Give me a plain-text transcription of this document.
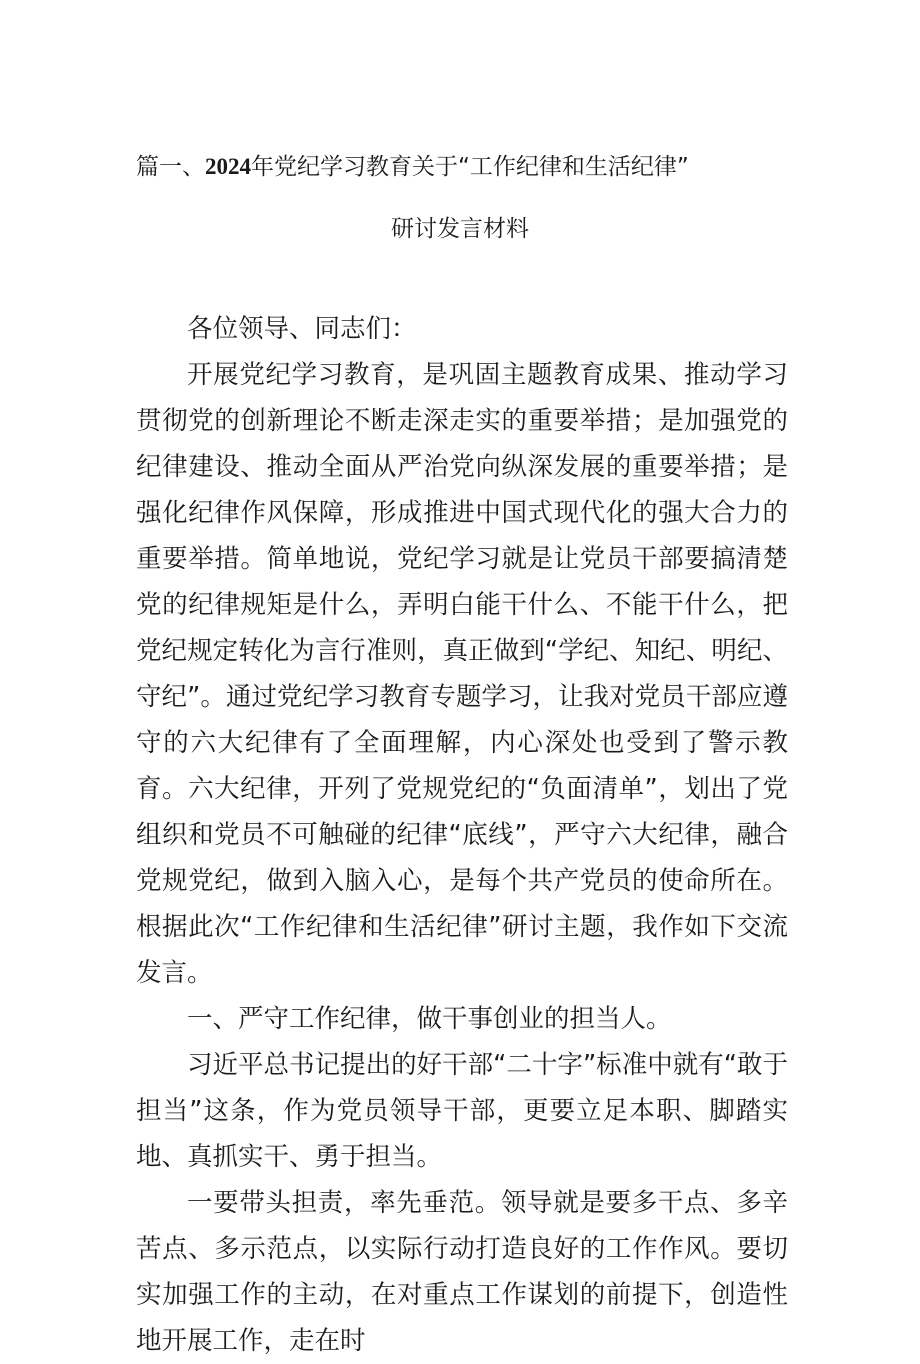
篇一、2024年党纪学习教育关于“工作纪律和生活纪律”
研讨发言材料

各位领导、同志们：

开展党纪学习教育，是巩固主题教育成果、推动学习贯彻党的创新理论不断走深走实的重要举措；是加强党的纪律建设、推动全面从严治党向纵深发展的重要举措；是强化纪律作风保障，形成推进中国式现代化的强大合力的重要举措。简单地说，党纪学习就是让党员干部要搞清楚党的纪律规矩是什么，弄明白能干什么、不能干什么，把党纪规定转化为言行准则，真正做到“学纪、知纪、明纪、守纪”。通过党纪学习教育专题学习，让我对党员干部应遵守的六大纪律有了全面理解，内心深处也受到了警示教育。六大纪律，开列了党规党纪的“负面清单”，划出了党组织和党员不可触碰的纪律“底线”，严守六大纪律，融合党规党纪，做到入脑入心，是每个共产党员的使命所在。根据此次“工作纪律和生活纪律”研讨主题，我作如下交流发言。

一、严守工作纪律，做干事创业的担当人。

习近平总书记提出的好干部“二十字”标准中就有“敢于担当”这条，作为党员领导干部，更要立足本职、脚踏实地、真抓实干、勇于担当。

一要带头担责，率先垂范。领导就是要多干点、多辛苦点、多示范点，以实际行动打造良好的工作作风。要切实加强工作的主动，在对重点工作谋划的前提下，创造性地开展工作，走在时
